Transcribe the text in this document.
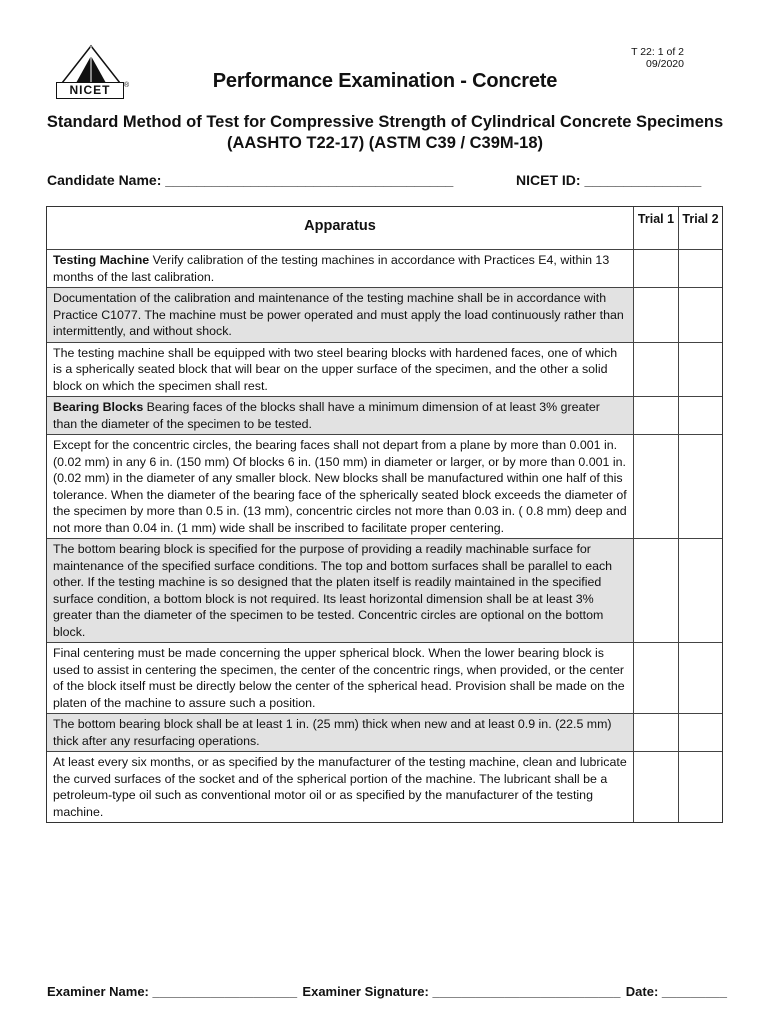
NICET	®
T 22: 1 of 2
09/2020
Performance Examination - Concrete
Standard Method of Test for Compressive Strength of Cylindrical Concrete Specimens (AASHTO T22-17) (ASTM C39 / C39M-18)
Candidate Name: _____________________________________	NICET ID: _______________
Apparatus	Trial 1 Trial 2
Testing Machine Verify calibration of the testing machines in accordance with Practices E4, within 13 months of the last calibration.
Documentation of the calibration and maintenance of the testing machine shall be in accordance with Practice C1077. The machine must be power operated and must apply the load continuously rather than intermittently, and without shock.
The testing machine shall be equipped with two steel bearing blocks with hardened faces, one of which is a spherically seated block that will bear on the upper surface of the specimen, and the other a solid block on which the specimen shall rest.
Bearing Blocks Bearing faces of the blocks shall have a minimum dimension of at least 3% greater than the diameter of the specimen to be tested.
Except for the concentric circles, the bearing faces shall not depart from a plane by more than 0.001 in. (0.02 mm) in any 6 in. (150 mm) Of blocks 6 in. (150 mm) in diameter or larger, or by more than 0.001 in. (0.02 mm) in the diameter of any smaller block. New blocks shall be manufactured within one half of this tolerance. When the diameter of the bearing face of the spherically seated block exceeds the diameter of the specimen by more than 0.5 in. (13 mm), concentric circles not more than 0.03 in. ( 0.8 mm) deep and not more than 0.04 in. (1 mm) wide shall be inscribed to facilitate proper centering.
The bottom bearing block is specified for the purpose of providing a readily machinable surface for maintenance of the specified surface conditions. The top and bottom surfaces shall be parallel to each other. If the testing machine is so designed that the platen itself is readily maintained in the specified surface condition, a bottom block is not required. Its least horizontal dimension shall be at least 3% greater than the diameter of the specimen to be tested. Concentric circles are optional on the bottom block.
Final centering must be made concerning the upper spherical block. When the lower bearing block is used to assist in centering the specimen, the center of the concentric rings, when provided, or the center of the block itself must be directly below the center of the spherical head. Provision shall be made on the platen of the machine to assure such a position.
The bottom bearing block shall be at least 1 in. (25 mm) thick when new and at least 0.9 in. (22.5 mm) thick after any resurfacing operations.
At least every six months, or as specified by the manufacturer of the testing machine, clean and lubricate the curved surfaces of the socket and of the spherical portion of the machine. The lubricant shall be a petroleum-type oil such as conventional motor oil or as specified by the manufacturer of the testing machine.
Examiner Name: ____________________ Examiner Signature: __________________________ Date: _________
